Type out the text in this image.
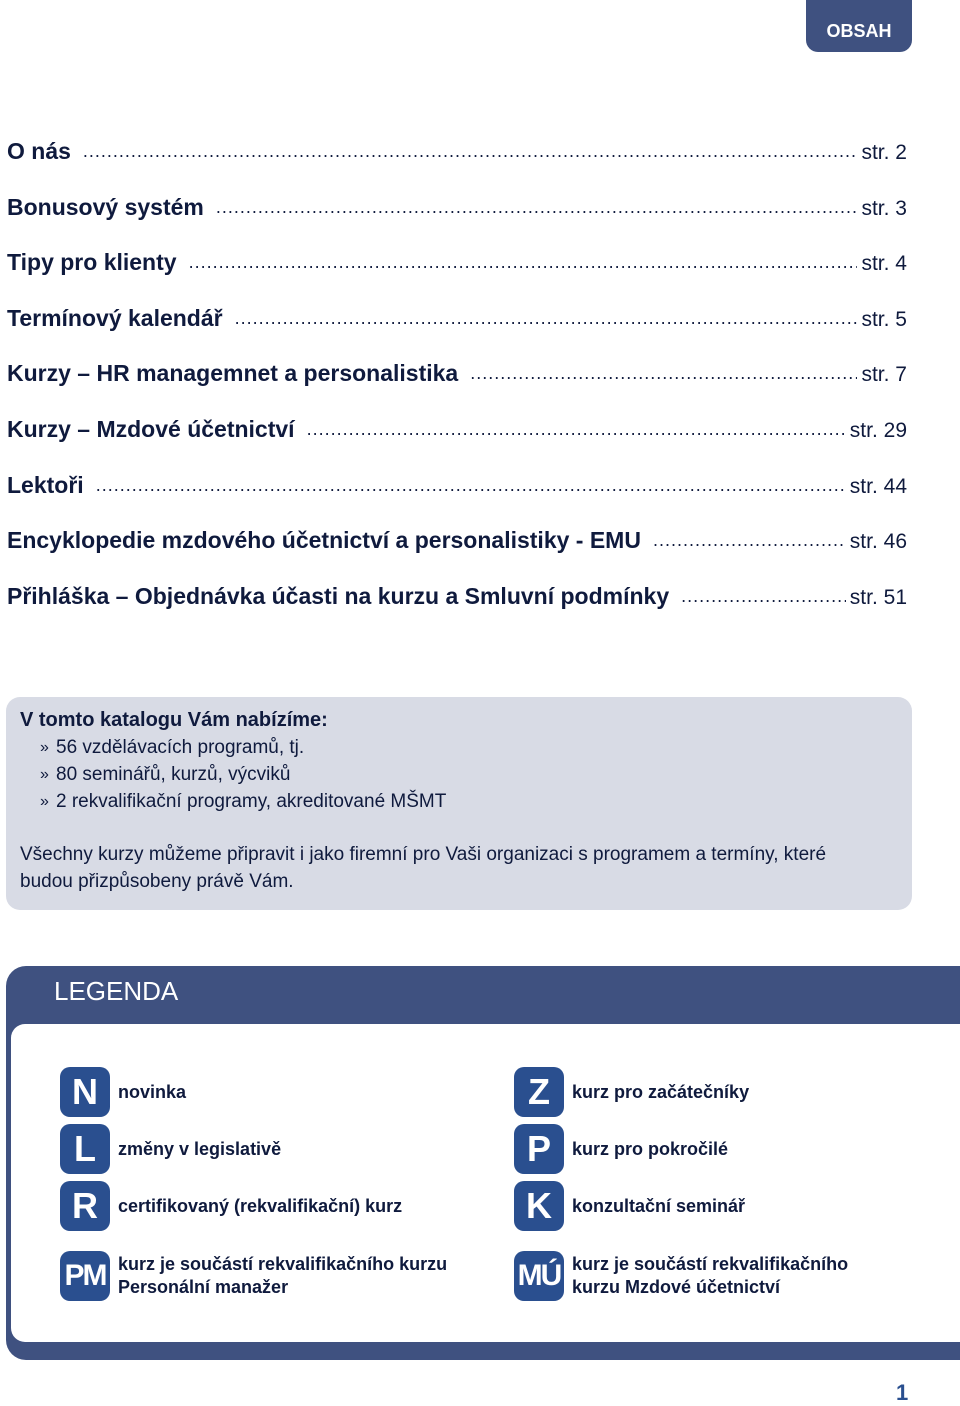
OBSAH
O nás .....	str. 2
Bonusový systém .....	str. 3
Tipy pro klienty .....	str. 4
Termínový kalendář .....	str. 5
Kurzy – HR managemnet a personalistika .....	str. 7
Kurzy – Mzdové účetnictví .....	str. 29
Lektoři .....	str. 44
Encyklopedie mzdového účetnictví a personalistiky - EMU .....	str. 46
Přihláška – Objednávka účasti na kurzu a Smluvní podmínky .....	str. 51
V tomto katalogu Vám nabízíme:
» 56 vzdělávacích programů, tj.
» 80 seminářů, kurzů, výcviků
» 2 rekvalifikační programy, akreditované MŠMT
Všechny kurzy můžeme připravit i jako firemní pro Vaši organizaci s programem a termíny, které budou přizpůsobeny právě Vám.
LEGENDA
N	novinka
L	změny v legislativě
R	certifikovaný (rekvalifikační) kurz
PM kurz je součástí rekvalifikačního kurzu Personální manažer
Z	kurz pro začátečníky
P	kurz pro pokročilé
K	konzultační seminář
MÚ kurz je součástí rekvalifikačního kurzu Mzdové účetnictví
1
